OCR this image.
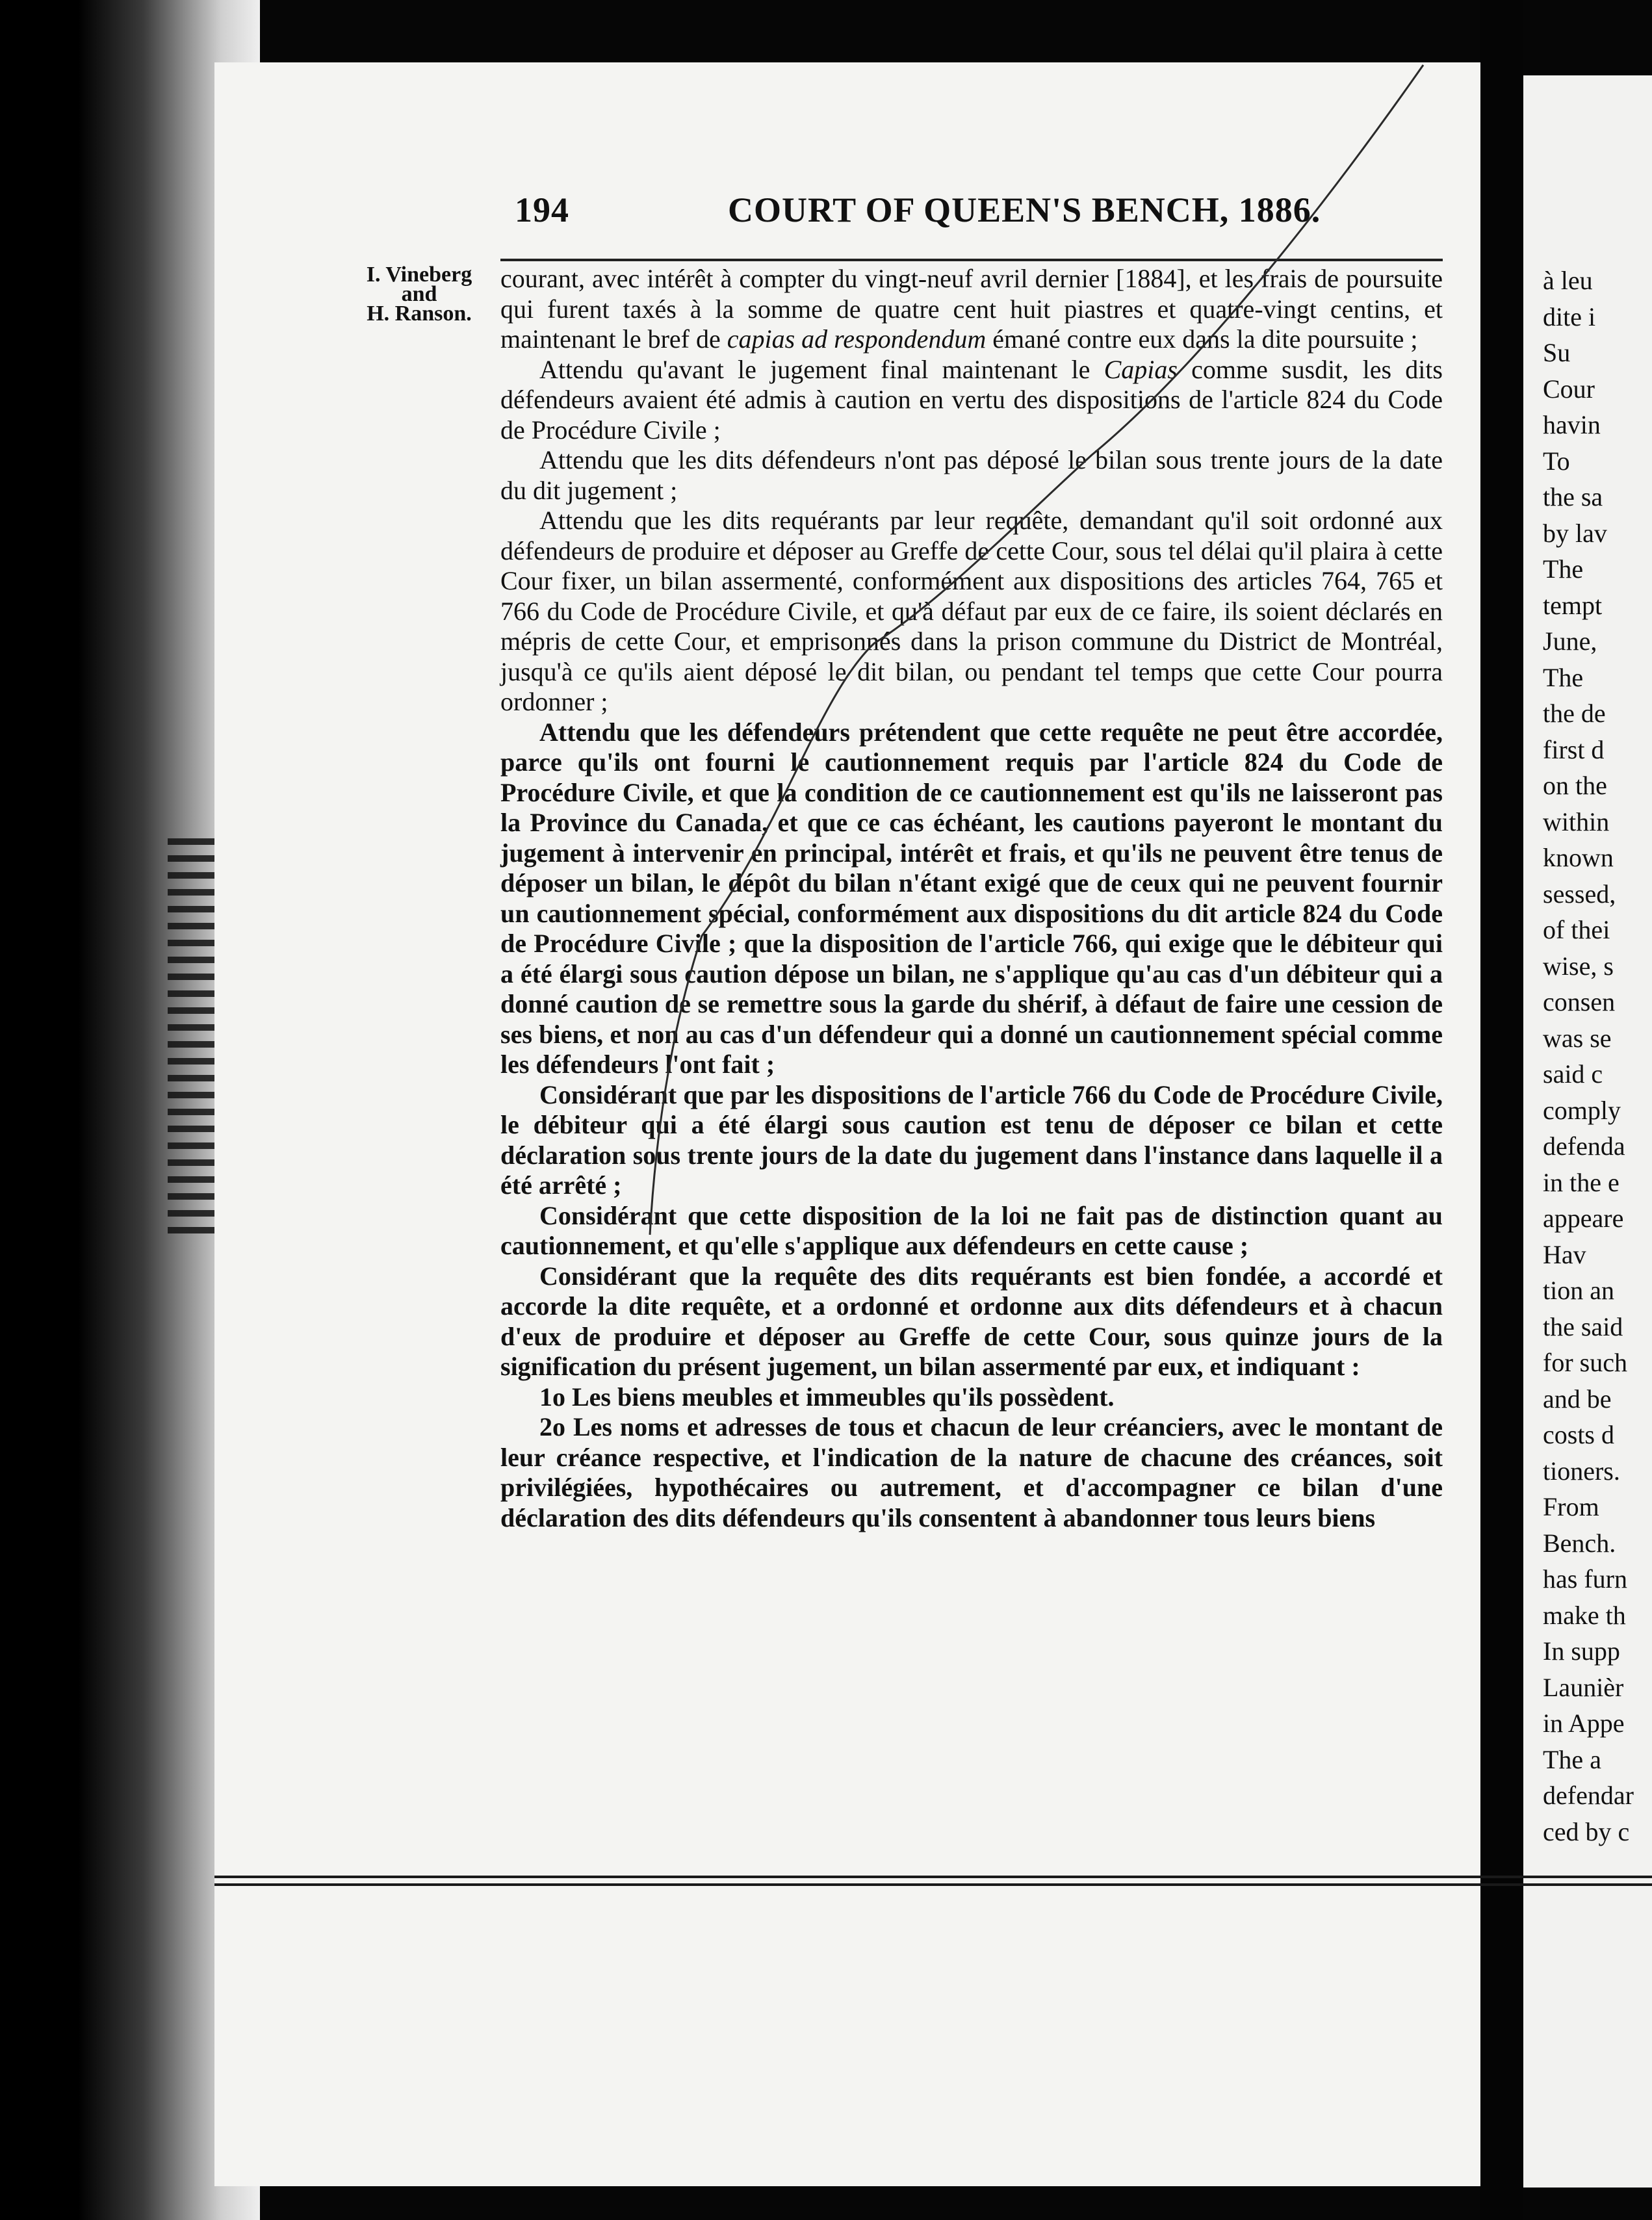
à leu
dite i
Su
Cour
havin
To
the sa
by lav
The
tempt
June,
The
the de
first d
on the
within
known
sessed,
of thei
wise, s
consen
was se
said c
comply
defenda
in the e
appeare
Hav
tion an
the said
for such
and be
costs d
tioners.
From
Bench.
has furn
make th
In supp
Launièr
in Appe
The a
defendar
ced by c
194	COURT OF QUEEN'S BENCH, 1886.
I. Vineberg
and
H. Ranson.

courant, avec intérêt à compter du vingt-neuf avril dernier [1884], et les frais de poursuite qui furent taxés à la somme de quatre cent huit piastres et quatre-vingt centins, et maintenant le bref de capias ad respondendum émané contre eux dans la dite poursuite ;

Attendu qu'avant le jugement final maintenant le Capias comme susdit, les dits défendeurs avaient été admis à caution en vertu des dispositions de l'article 824 du Code de Procédure Civile ;

Attendu que les dits défendeurs n'ont pas déposé le bilan sous trente jours de la date du dit jugement ;

Attendu que les dits requérants par leur requête, demandant qu'il soit ordonné aux défendeurs de produire et déposer au Greffe de cette Cour, sous tel délai qu'il plaira à cette Cour fixer, un bilan assermenté, conformément aux dispositions des articles 764, 765 et 766 du Code de Procédure Civile, et qu'à défaut par eux de ce faire, ils soient déclarés en mépris de cette Cour, et emprisonnés dans la prison commune du District de Montréal, jusqu'à ce qu'ils aient déposé le dit bilan, ou pendant tel temps que cette Cour pourra ordonner ;

Attendu que les défendeurs prétendent que cette requête ne peut être accordée, parce qu'ils ont fourni le cautionnement requis par l'article 824 du Code de Procédure Civile, et que la condition de ce cautionnement est qu'ils ne laisseront pas la Province du Canada, et que ce cas échéant, les cautions payeront le montant du jugement à intervenir en principal, intérêt et frais, et qu'ils ne peuvent être tenus de déposer un bilan, le dépôt du bilan n'étant exigé que de ceux qui ne peuvent fournir un cautionnement spécial, conformément aux dispositions du dit article 824 du Code de Procédure Civile ; que la disposition de l'article 766, qui exige que le débiteur qui a été élargi sous caution dépose un bilan, ne s'applique qu'au cas d'un débiteur qui a donné caution de se remettre sous la garde du shérif, à défaut de faire une cession de ses biens, et non au cas d'un défendeur qui a donné un cautionnement spécial comme les défendeurs l'ont fait ;

Considérant que par les dispositions de l'article 766 du Code de Procédure Civile, le débiteur qui a été élargi sous caution est tenu de déposer ce bilan et cette déclaration sous trente jours de la date du jugement dans l'instance dans laquelle il a été arrêté ;

Considérant que cette disposition de la loi ne fait pas de distinction quant au cautionnement, et qu'elle s'applique aux défendeurs en cette cause ;

Considérant que la requête des dits requérants est bien fondée, a accordé et accorde la dite requête, et a ordonné et ordonne aux dits défendeurs et à chacun d'eux de produire et déposer au Greffe de cette Cour, sous quinze jours de la signification du présent jugement, un bilan assermenté par eux, et indiquant :

1o Les biens meubles et immeubles qu'ils possèdent.

2o Les noms et adresses de tous et chacun de leur créanciers, avec le montant de leur créance respective, et l'indication de la nature de chacune des créances, soit privilégiées, hypothécaires ou autrement, et d'accompagner ce bilan d'une déclaration des dits défendeurs qu'ils consentent à abandonner tous leurs biens
